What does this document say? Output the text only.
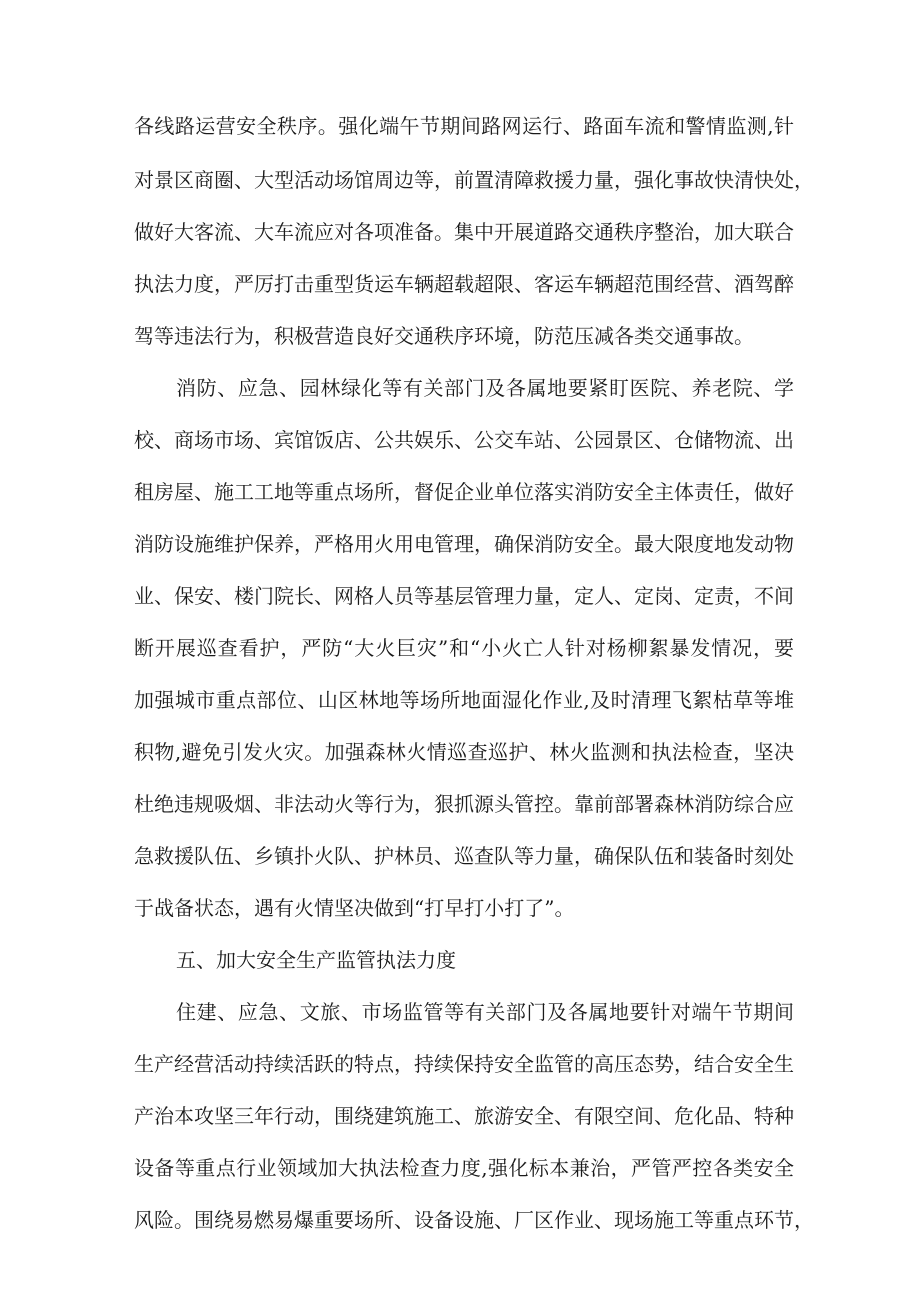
各线路运营安全秩序。强化端午节期间路网运行、路面车流和警情监测,针
对景区商圈、大型活动场馆周边等，前置清障救援力量，强化事故快清快处，
做好大客流、大车流应对各项准备。集中开展道路交通秩序整治，加大联合
执法力度，严厉打击重型货运车辆超载超限、客运车辆超范围经营、酒驾醉
驾等违法行为，积极营造良好交通秩序环境，防范压减各类交通事故。
消防、应急、园林绿化等有关部门及各属地要紧盯医院、养老院、学
校、商场市场、宾馆饭店、公共娱乐、公交车站、公园景区、仓储物流、出
租房屋、施工工地等重点场所，督促企业单位落实消防安全主体责任，做好
消防设施维护保养，严格用火用电管理，确保消防安全。最大限度地发动物
业、保安、楼门院长、网格人员等基层管理力量，定人、定岗、定责，不间
断开展巡查看护，严防“大火巨灾”和“小火亡人针对杨柳絮暴发情况，要
加强城市重点部位、山区林地等场所地面湿化作业,及时清理飞絮枯草等堆
积物,避免引发火灾。加强森林火情巡查巡护、林火监测和执法检查，坚决
杜绝违规吸烟、非法动火等行为，狠抓源头管控。靠前部署森林消防综合应
急救援队伍、乡镇扑火队、护林员、巡查队等力量，确保队伍和装备时刻处
于战备状态，遇有火情坚决做到“打早打小打了”。
五、加大安全生产监管执法力度
住建、应急、文旅、市场监管等有关部门及各属地要针对端午节期间
生产经营活动持续活跃的特点，持续保持安全监管的高压态势，结合安全生
产治本攻坚三年行动，围绕建筑施工、旅游安全、有限空间、危化品、特种
设备等重点行业领域加大执法检查力度,强化标本兼治，严管严控各类安全
风险。围绕易燃易爆重要场所、设备设施、厂区作业、现场施工等重点环节，
